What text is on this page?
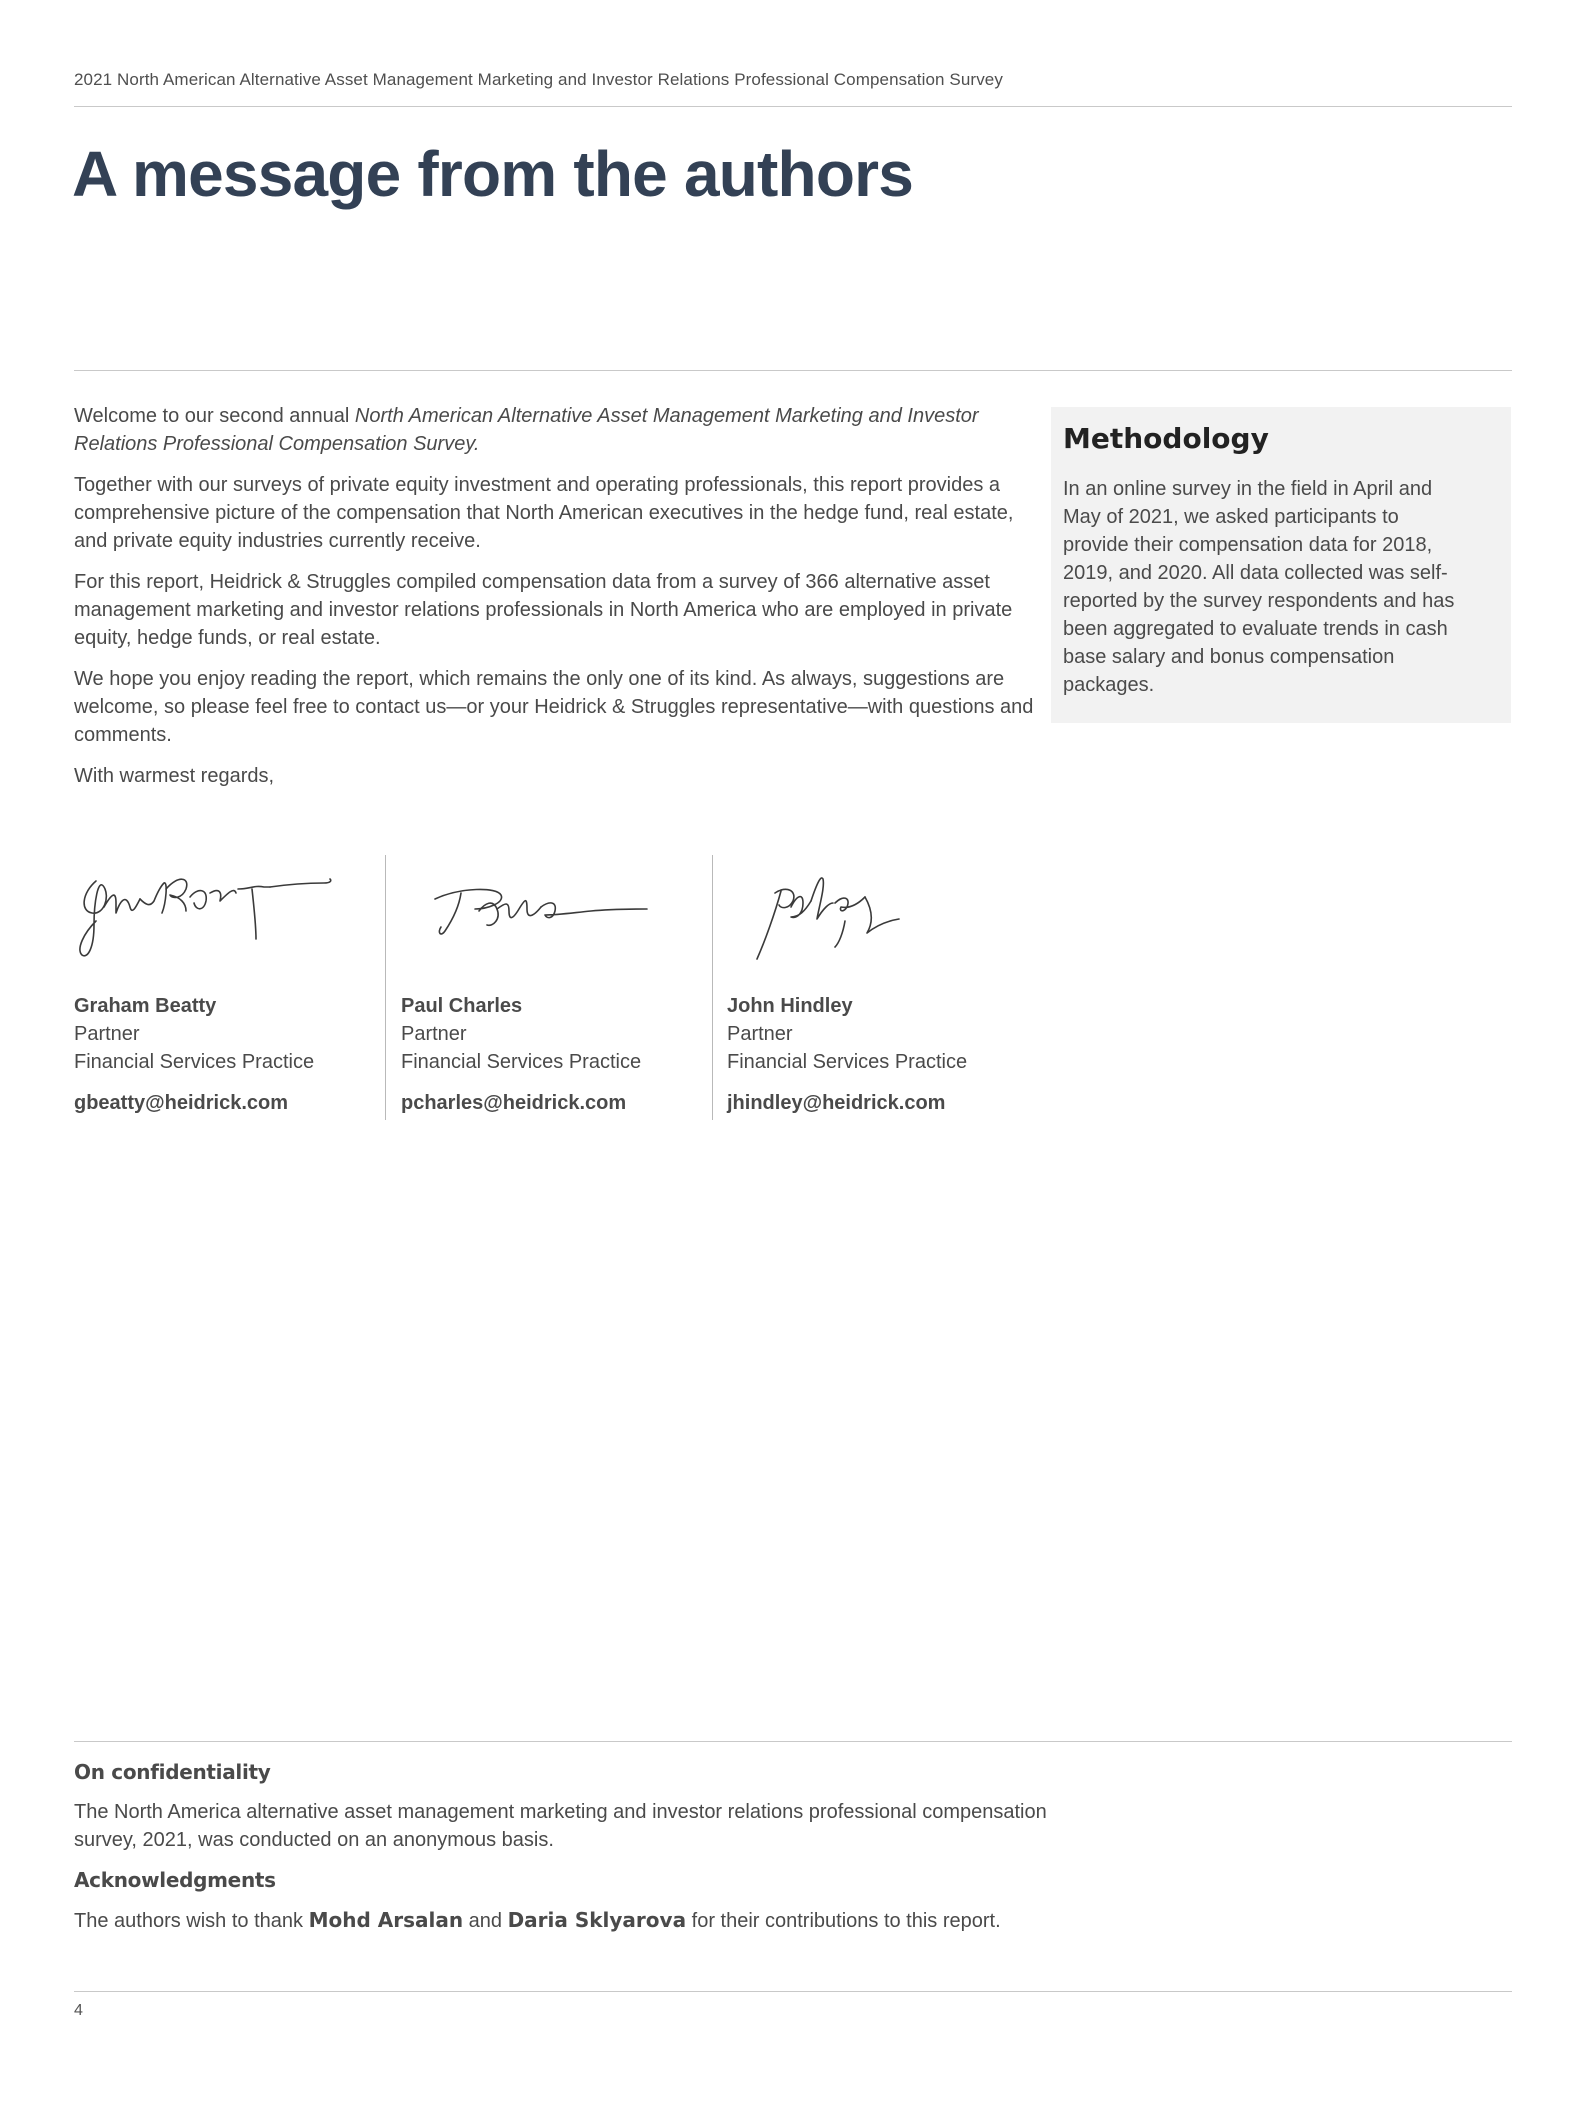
2021 North American Alternative Asset Management Marketing and Investor Relations Professional Compensation Survey
A message from the authors

Welcome to our second annual North American Alternative Asset Management Marketing and Investor Relations Professional Compensation Survey.

Together with our surveys of private equity investment and operating professionals, this report provides a comprehensive picture of the compensation that North American executives in the hedge fund, real estate, and private equity industries currently receive.

For this report, Heidrick & Struggles compiled compensation data from a survey of 366 alternative asset management marketing and investor relations professionals in North America who are employed in private equity, hedge funds, or real estate.

We hope you enjoy reading the report, which remains the only one of its kind. As always, suggestions are welcome, so please feel free to contact us—or your Heidrick & Struggles representative—with questions and comments.

With warmest regards,

Methodology
In an online survey in the field in April and May of 2021, we asked participants to provide their compensation data for 2018, 2019, and 2020. All data collected was self-reported by the survey respondents and has been aggregated to evaluate trends in cash base salary and bonus compensation packages.
Graham Beatty
Partner
Financial Services Practice
gbeatty@heidrick.com
Paul Charles
Partner
Financial Services Practice
pcharles@heidrick.com
John Hindley
Partner
Financial Services Practice
jhindley@heidrick.com
On confidentiality

The North America alternative asset management marketing and investor relations professional compensation survey, 2021, was conducted on an anonymous basis.

Acknowledgments

The authors wish to thank Mohd Arsalan and Daria Sklyarova for their contributions to this report.

4
